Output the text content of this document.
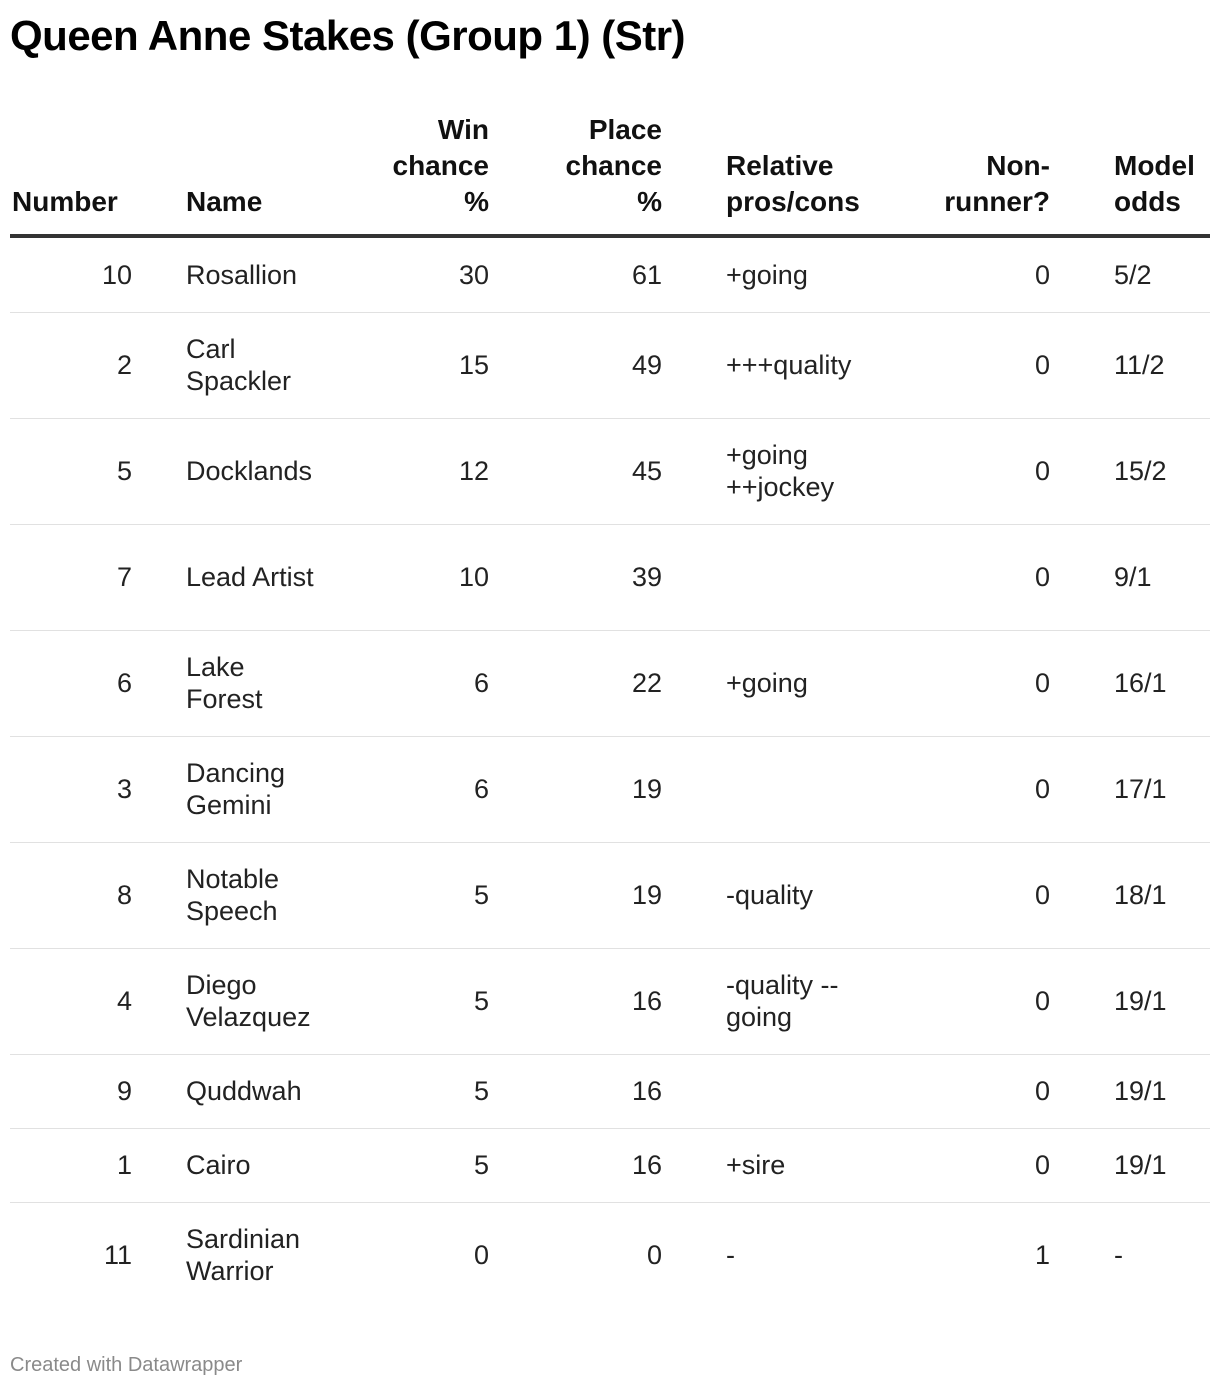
Queen Anne Stakes (Group 1) (Str)
Number	Name	Win chance %	Place chance %	Relative pros/cons	Non-runner?	Model odds
10	Rosallion	30	61	+going	0	5/2
2	Carl Spackler	15	49	+++quality	0	11/2
5	Docklands	12	45	+going ++jockey	0	15/2
7	Lead Artist	10	39		0	9/1
6	Lake Forest	6	22	+going	0	16/1
3	Dancing Gemini	6	19		0	17/1
8	Notable Speech	5	19	-quality	0	18/1
4	Diego Velazquez	5	16	-quality --going	0	19/1
9	Quddwah	5	16		0	19/1
1	Cairo	5	16	+sire	0	19/1
11	Sardinian Warrior	0	0	-	1	-
Created with Datawrapper
